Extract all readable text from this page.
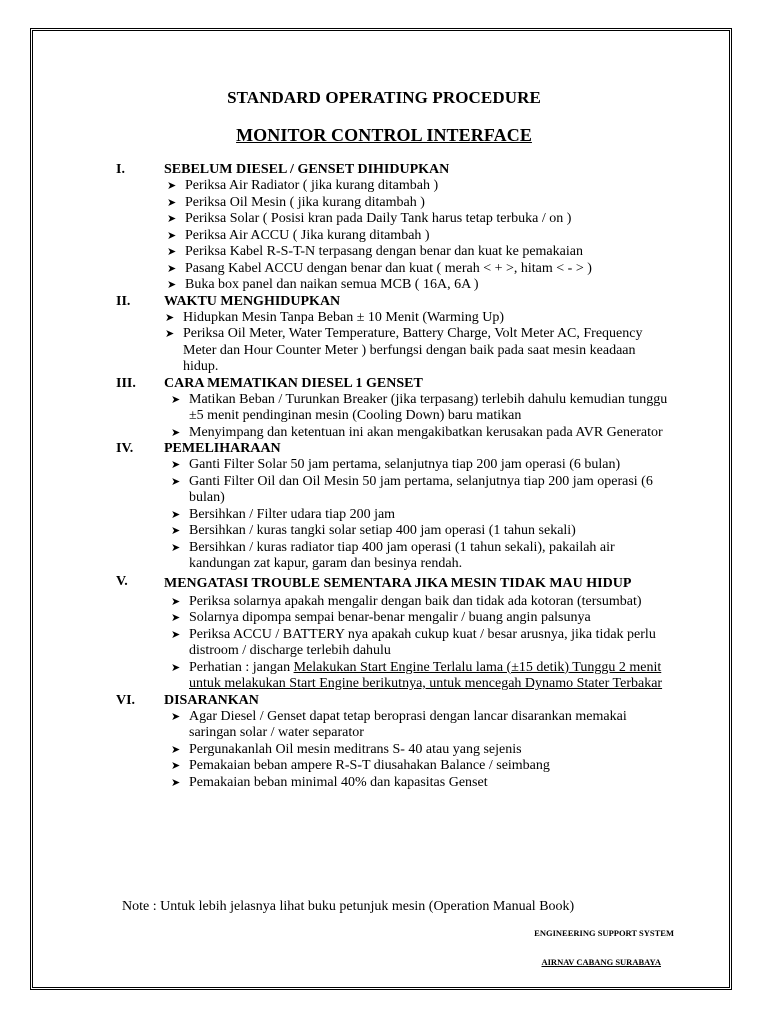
STANDARD OPERATING PROCEDURE
MONITOR CONTROL INTERFACE
I.	SEBELUM DIESEL / GENSET DIHIDUPKAN
➤ Periksa Air Radiator ( jika kurang ditambah )
➤ Periksa Oil Mesin ( jika kurang ditambah )
➤ Periksa Solar ( Posisi kran pada Daily Tank harus tetap terbuka / on )
➤ Periksa Air ACCU ( Jika kurang ditambah )
➤ Periksa Kabel R-S-T-N terpasang dengan benar dan kuat ke pemakaian
➤ Pasang Kabel ACCU dengan benar dan kuat ( merah < + >, hitam < - > )
➤ Buka box panel dan naikan semua MCB ( 16A, 6A )
II.	WAKTU MENGHIDUPKAN
➤ Hidupkan Mesin Tanpa Beban ± 10 Menit (Warming Up)
➤ Periksa Oil Meter, Water Temperature, Battery Charge, Volt Meter AC, Frequency Meter dan Hour Counter Meter ) berfungsi dengan baik pada saat mesin keadaan hidup.
III.	CARA MEMATIKAN DIESEL 1 GENSET
➤ Matikan Beban / Turunkan Breaker (jika terpasang) terlebih dahulu kemudian tunggu ±5 menit pendinginan mesin (Cooling Down) baru matikan
➤ Menyimpang dan ketentuan ini akan mengakibatkan kerusakan pada AVR Generator
IV.	PEMELIHARAAN
➤ Ganti Filter Solar 50 jam pertama, selanjutnya tiap 200 jam operasi (6 bulan)
➤ Ganti Filter Oil dan Oil Mesin 50 jam pertama, selanjutnya tiap 200 jam operasi (6 bulan)
➤ Bersihkan / Filter udara tiap 200 jam
➤ Bersihkan / kuras tangki solar setiap 400 jam operasi (1 tahun sekali)
➤ Bersihkan / kuras radiator tiap 400 jam operasi (1 tahun sekali), pakailah air kandungan zat kapur, garam dan besinya rendah.
V.	MENGATASI TROUBLE SEMENTARA JIKA MESIN TIDAK MAU HIDUP
➤ Periksa solarnya apakah mengalir dengan baik dan tidak ada kotoran (tersumbat)
➤ Solarnya dipompa sempai benar-benar mengalir / buang angin palsunya
➤ Periksa ACCU / BATTERY nya apakah cukup kuat / besar arusnya, jika tidak perlu distroom / discharge terlebih dahulu
➤ Perhatian : jangan Melakukan Start Engine Terlalu lama (±15 detik) Tunggu 2 menit untuk melakukan Start Engine berikutnya, untuk mencegah Dynamo Stater Terbakar
VI.	DISARANKAN
➤ Agar Diesel / Genset dapat tetap beroprasi dengan lancar disarankan memakai saringan solar / water separator
➤ Pergunakanlah Oil mesin meditrans S- 40 atau yang sejenis
➤ Pemakaian beban ampere R-S-T diusahakan Balance / seimbang
➤ Pemakaian beban minimal 40% dan kapasitas Genset
Note : Untuk lebih jelasnya lihat buku petunjuk mesin (Operation Manual Book)
ENGINEERING SUPPORT SYSTEM
AIRNAV CABANG SURABAYA
